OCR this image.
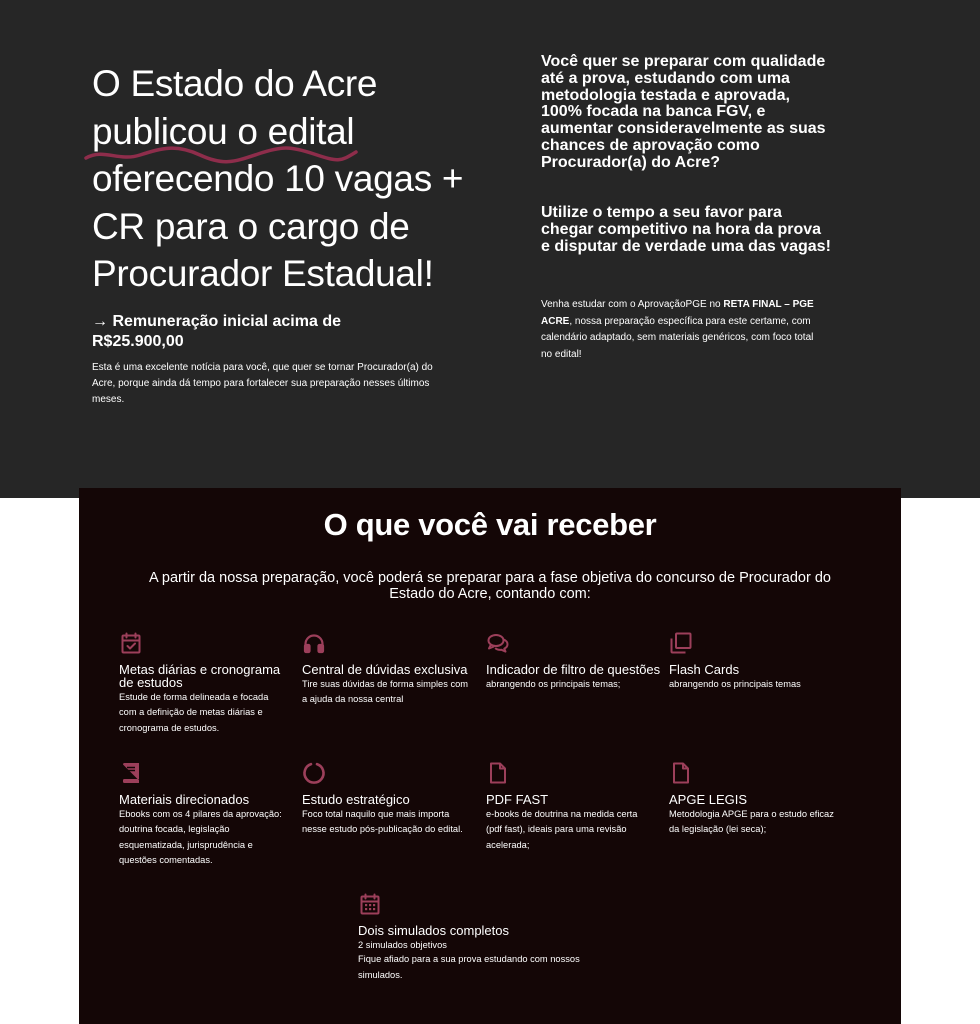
O Estado do Acre
publicou o edital

oferecendo 10 vagas + CR para o cargo de Procurador Estadual!
→ Remuneração inicial acima de R$25.900,00
Esta é uma excelente notícia para você, que quer se tornar Procurador(a) do Acre, porque ainda dá tempo para fortalecer sua preparação nesses últimos meses.

Você quer se preparar com qualidade até a prova, estudando com uma metodologia testada e aprovada, 100% focada na banca FGV, e aumentar consideravelmente as suas chances de aprovação como Procurador(a) do Acre?

Utilize o tempo a seu favor para chegar competitivo na hora da prova e disputar de verdade uma das vagas!

Venha estudar com o AprovaçãoPGE no RETA FINAL – PGE ACRE, nossa preparação específica para este certame, com calendário adaptado, sem materiais genéricos, com foco total no edital!
O que você vai receber
A partir da nossa preparação, você poderá se preparar para a fase objetiva do concurso de Procurador do Estado do Acre, contando com:
Metas diárias e cronograma de estudos
Estude de forma delineada e focada com a definição de metas diárias e cronograma de estudos.
Central de dúvidas exclusiva
Tire suas dúvidas de forma simples com a ajuda da nossa central
Indicador de filtro de questões
abrangendo os principais temas;
Flash Cards
abrangendo os principais temas
Materiais direcionados
Ebooks com os 4 pilares da aprovação: doutrina focada, legislação esquematizada, jurisprudência e questões comentadas.
Estudo estratégico
Foco total naquilo que mais importa nesse estudo pós-publicação do edital.
PDF FAST
e-books de doutrina na medida certa (pdf fast), ideais para uma revisão acelerada;
APGE LEGIS
Metodologia APGE para o estudo eficaz da legislação (lei seca);
Dois simulados completos
2 simulados objetivos
Fique afiado para a sua prova estudando com nossos simulados.
